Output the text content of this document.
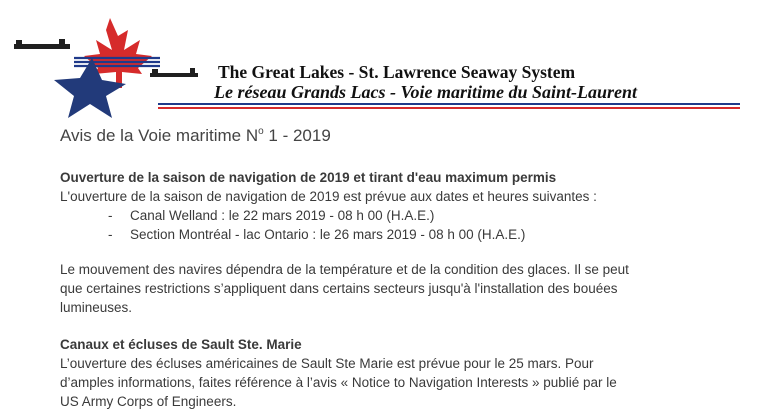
The Great Lakes - St. Lawrence Seaway System
Le réseau Grands Lacs - Voie maritime du Saint-Laurent
Avis de la Voie maritime $N^o$ 1 - 2019

Ouverture de la saison de navigation de 2019 et tirant d'eau maximum permis

L'ouverture de la saison de navigation de 2019 est prévue aux dates et heures suivantes :

- Canal Welland : le 22 mars 2019 - 08 h 00 (H.A.E.)
- Section Montréal - lac Ontario : le 26 mars 2019 - 08 h 00 (H.A.E.)

Le mouvement des navires dépendra de la température et de la condition des glaces. Il se peut

que certaines restrictions s’appliquent dans certains secteurs jusqu'à l'installation des bouées

lumineuses.

Canaux et écluses de Sault Ste. Marie

L’ouverture des écluses américaines de Sault Ste Marie est prévue pour le 25 mars. Pour

d’amples informations, faites référence à l’avis « Notice to Navigation Interests » publié par le

US Army Corps of Engineers.
